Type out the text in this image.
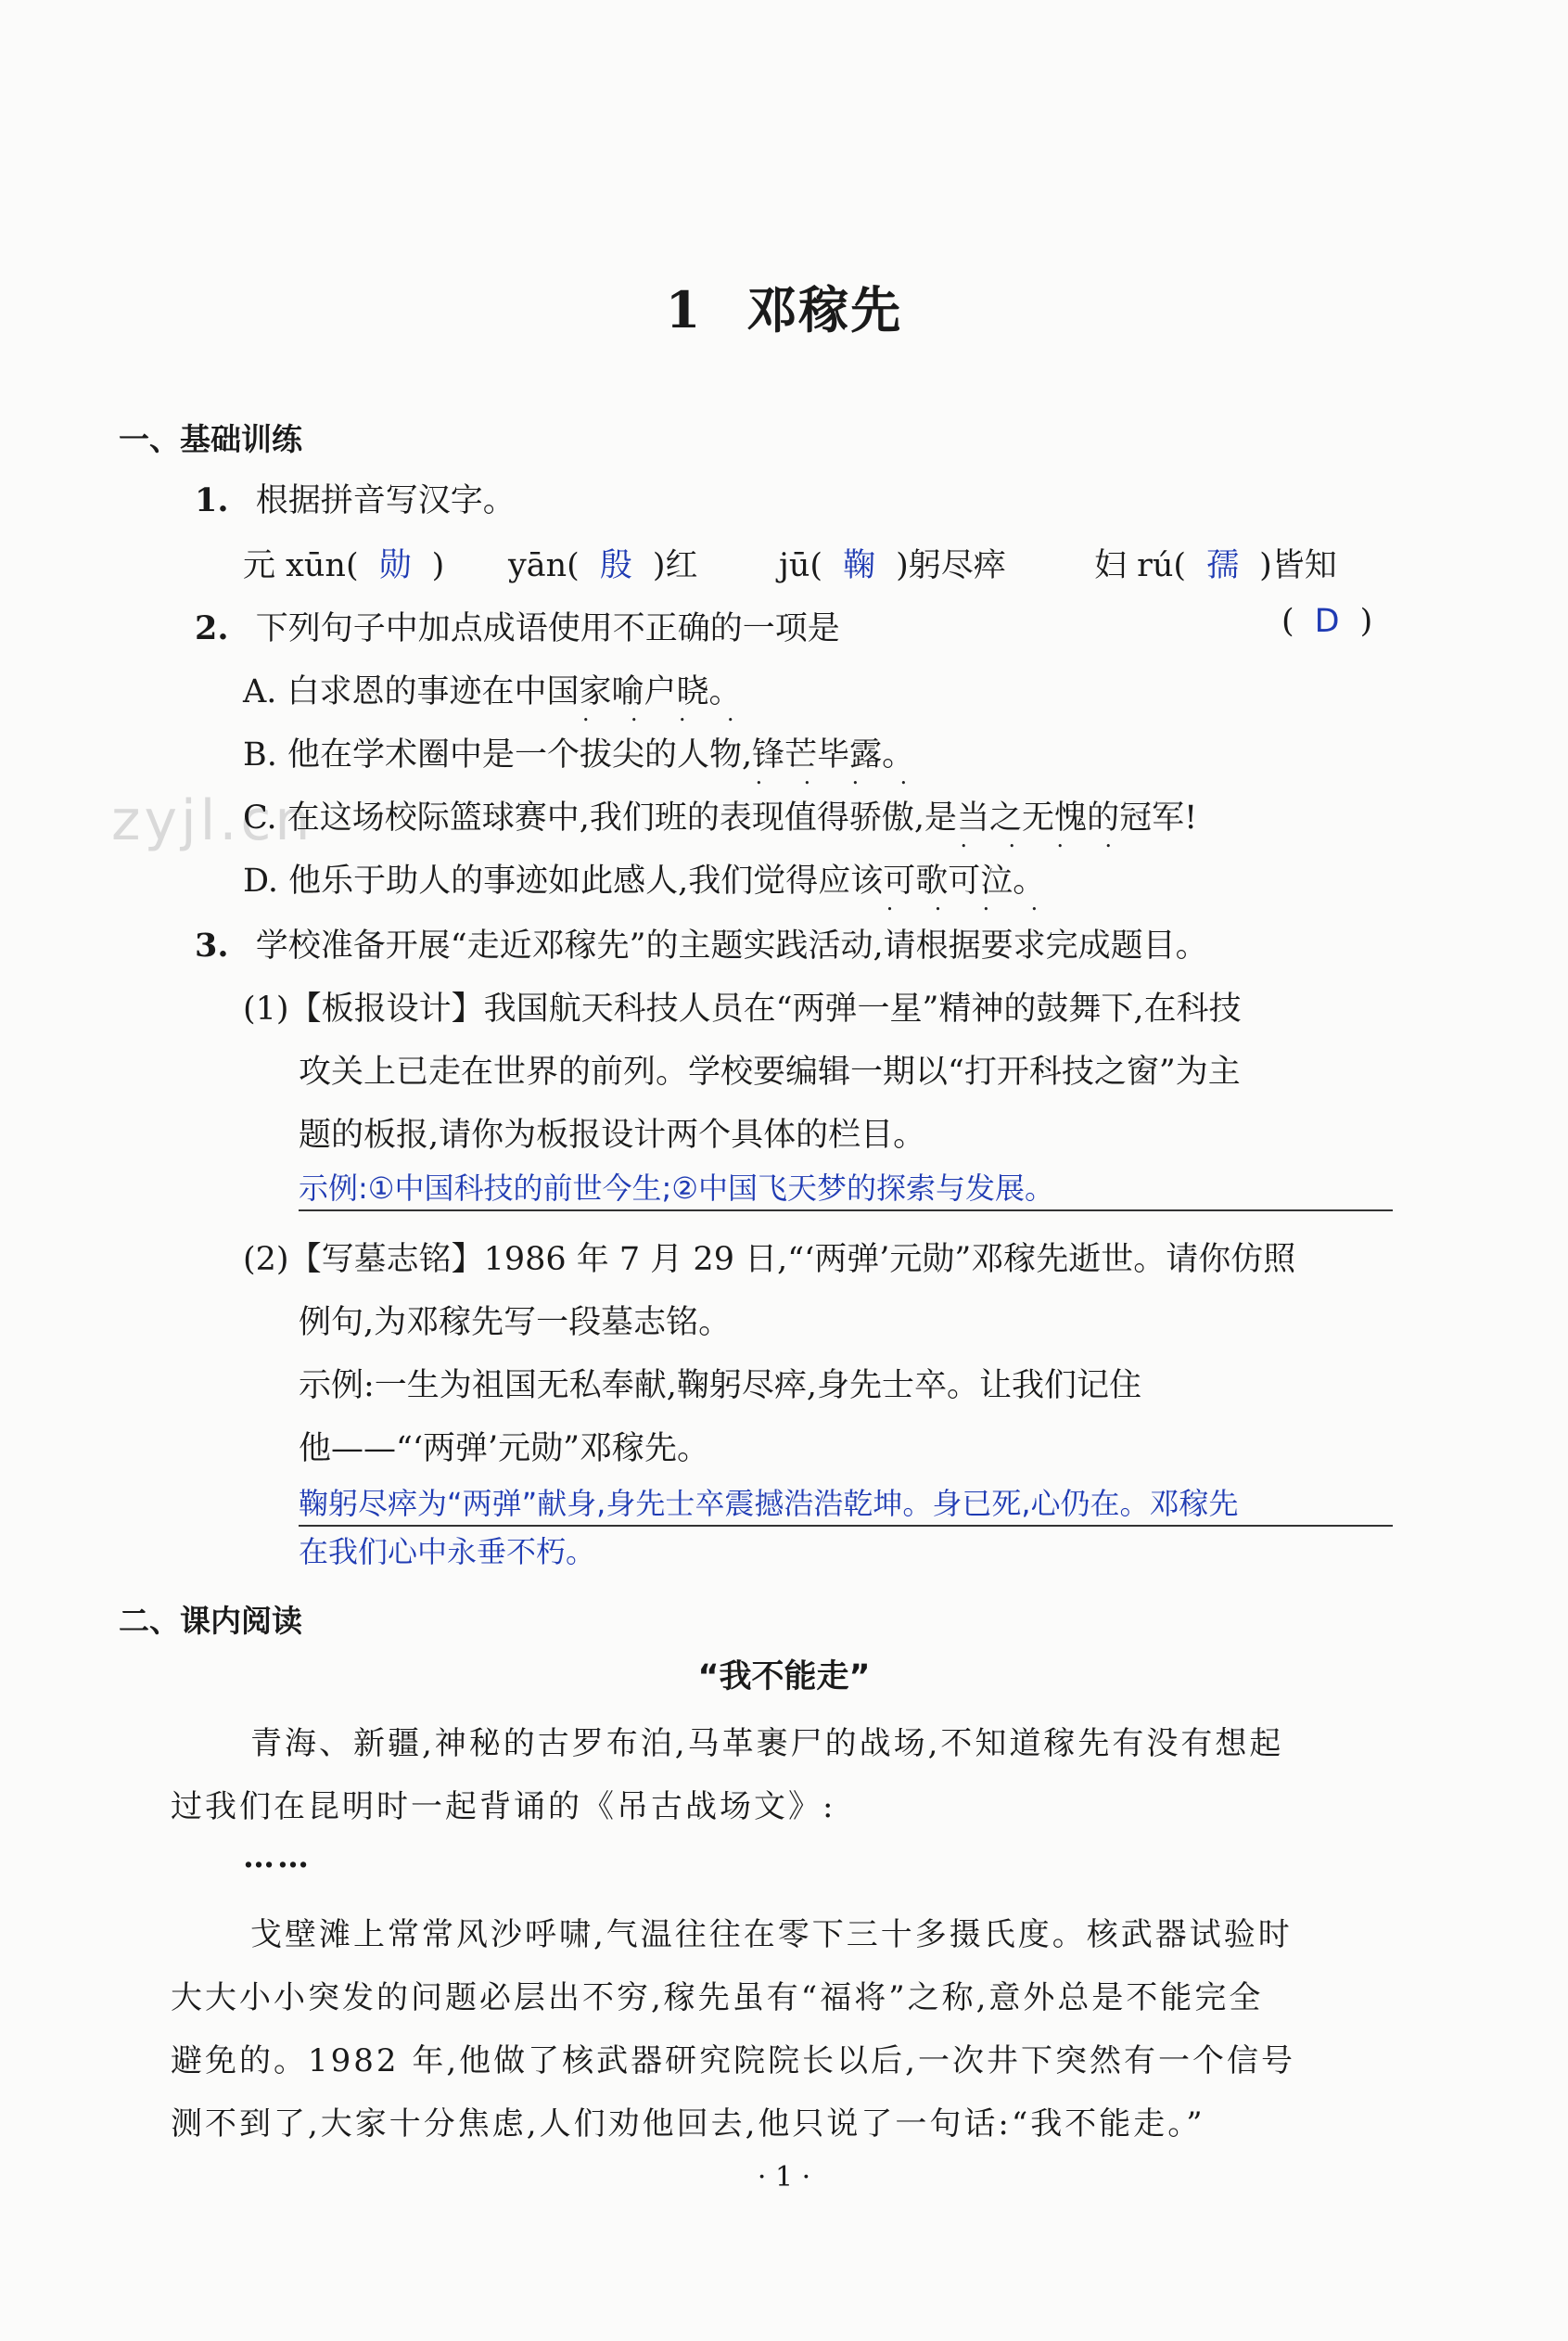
zyjl.cn
1 邓稼先
一、基础训练
1. 根据拼音写汉字。
元 xūn( 勋 ) yān( 殷 )红 jū( 鞠 )躬尽瘁	妇 rú( 孺 )皆知
2. 下列句子中加点成语使用不正确的一项是	( D )
A. 白求恩的事迹在中国家喻户晓 • • • •。
B. 他在学术圈中是一个拔尖的人物,锋芒毕露 • • • •。
C. 在这场校际篮球赛中,我们班的表现值得骄傲,是当之无愧 • • • •的冠军!
D. 他乐于助人的事迹如此感人,我们觉得应该可歌可泣 • • • •。
3. 学校准备开展“走近邓稼先”的主题实践活动,请根据要求完成题目。
(1)【板报设计】我国航天科技人员在“两弹一星”精神的鼓舞下,在科技
攻关上已走在世界的前列。学校要编辑一期以“打开科技之窗”为主
题的板报,请你为板报设计两个具体的栏目。
示例:①中国科技的前世今生;②中国飞天梦的探索与发展。
(2)【写墓志铭】1986 年 7 月 29 日,“‘两弹’元勋”邓稼先逝世。请你仿照
例句,为邓稼先写一段墓志铭。
示例:一生为祖国无私奉献,鞠躬尽瘁,身先士卒。让我们记住
他——“‘两弹’元勋”邓稼先。
鞠躬尽瘁为“两弹”献身,身先士卒震撼浩浩乾坤。身已死,心仍在。邓稼先
在我们心中永垂不朽。
二、课内阅读
“我不能走”
青海、新疆,神秘的古罗布泊,马革裹尸的战场,不知道稼先有没有想起
过我们在昆明时一起背诵的《吊古战场文》:
……
戈壁滩上常常风沙呼啸,气温往往在零下三十多摄氏度。核武器试验时
大大小小突发的问题必层出不穷,稼先虽有“福将”之称,意外总是不能完全
避免的。1982 年,他做了核武器研究院院长以后,一次井下突然有一个信号
测不到了,大家十分焦虑,人们劝他回去,他只说了一句话:“我不能走。”
· 1 ·
